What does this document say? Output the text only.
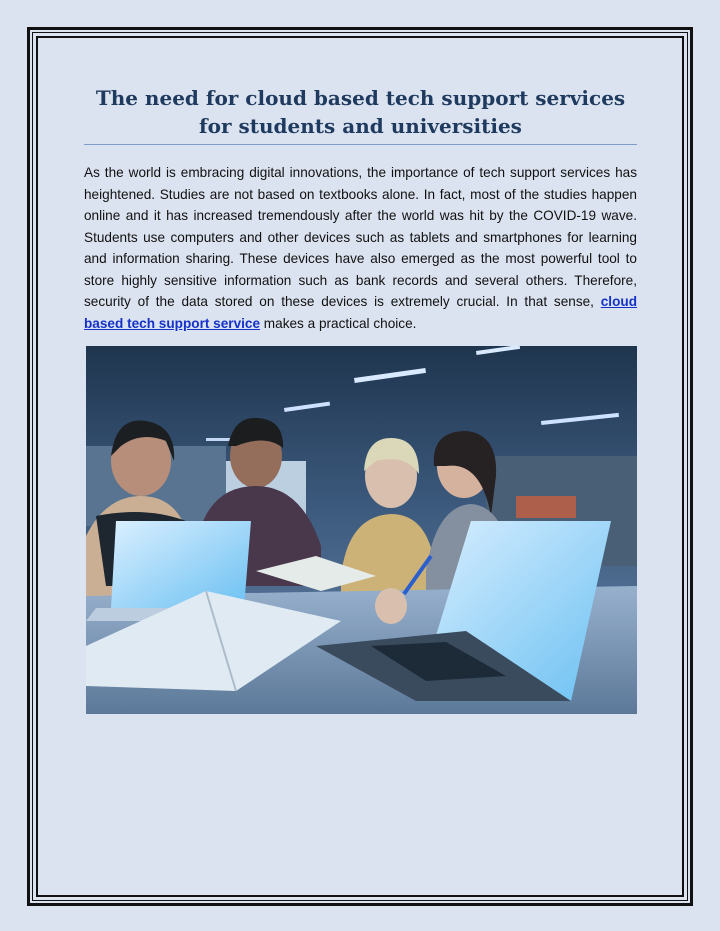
The need for cloud based tech support services
for students and universities

As the world is embracing digital innovations, the importance of tech support services has heightened. Studies are not based on textbooks alone. In fact, most of the studies happen online and it has increased tremendously after the world was hit by the COVID-19 wave. Students use computers and other devices such as tablets and smartphones for learning and information sharing. These devices have also emerged as the most powerful tool to store highly sensitive information such as bank records and several others. Therefore, security of the data stored on these devices is extremely crucial. In that sense, cloud based tech support service makes a practical choice.
